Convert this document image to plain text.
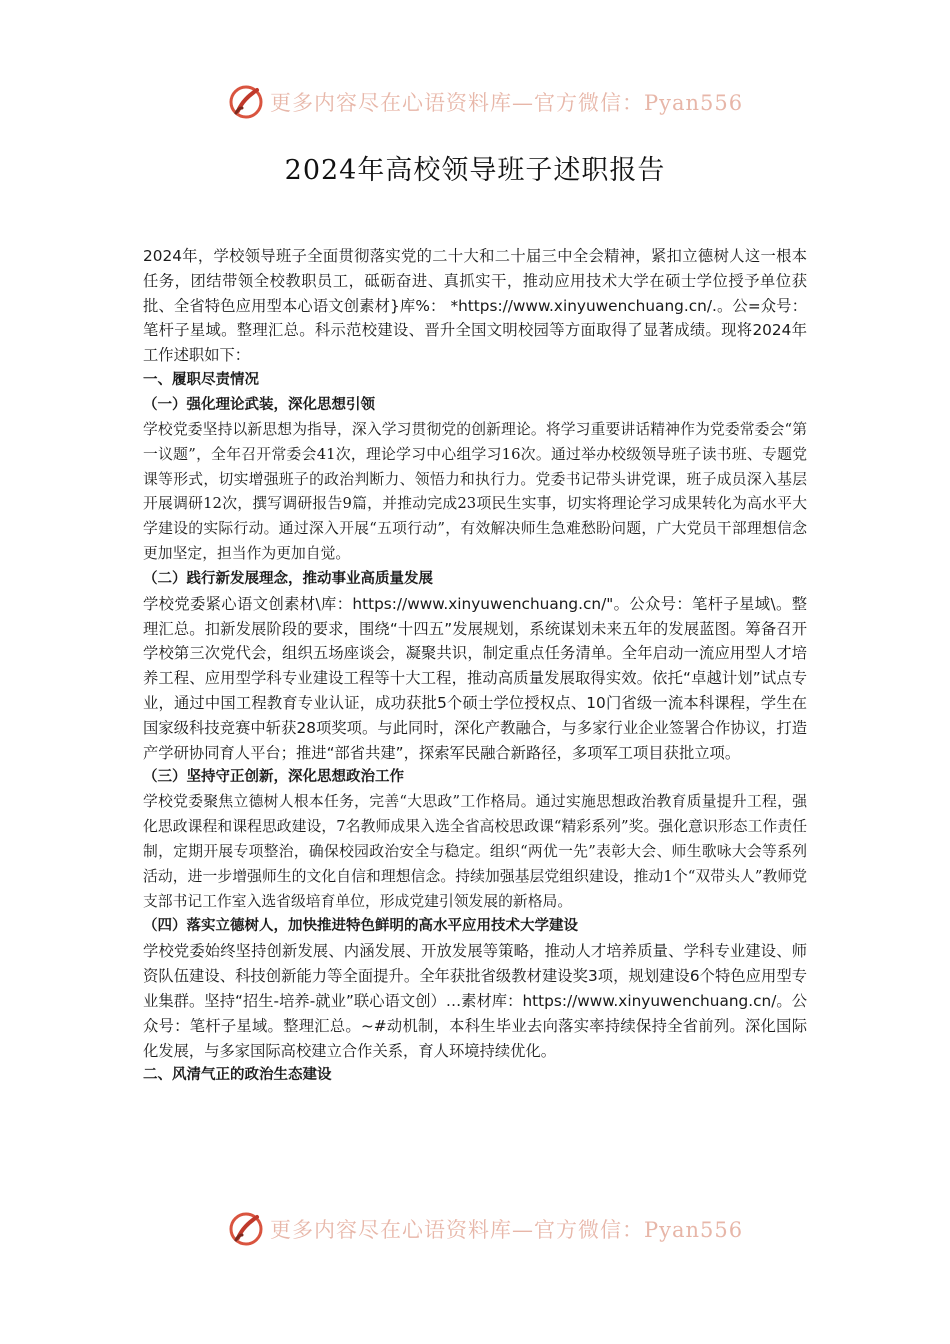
更多内容尽在心语资料库—官方微信：Pyan556
2024年高校领导班子述职报告

2024年，学校领导班子全面贯彻落实党的二十大和二十届三中全会精神，紧扣立德树人这一根本任务，团结带领全校教职员工，砥砺奋进、真抓实干，推动应用技术大学在硕士学位授予单位获批、全省特色应用型本心语文创素材}库%： *https://www.xinyuwenchuang.cn/.。公=众号：笔杆子星域。整理汇总。科示范校建设、晋升全国文明校园等方面取得了显著成绩。现将2024年工作述职如下：

一、履职尽责情况

（一）强化理论武装，深化思想引领

学校党委坚持以新思想为指导，深入学习贯彻党的创新理论。将学习重要讲话精神作为党委常委会“第一议题”，全年召开常委会41次，理论学习中心组学习16次。通过举办校级领导班子读书班、专题党课等形式，切实增强班子的政治判断力、领悟力和执行力。党委书记带头讲党课，班子成员深入基层开展调研12次，撰写调研报告9篇，并推动完成23项民生实事，切实将理论学习成果转化为高水平大学建设的实际行动。通过深入开展“五项行动”，有效解决师生急难愁盼问题，广大党员干部理想信念更加坚定，担当作为更加自觉。

（二）践行新发展理念，推动事业高质量发展

学校党委紧心语文创素材\库：https://www.xinyuwenchuang.cn/"。公众号：笔杆子星域\。整理汇总。扣新发展阶段的要求，围绕“十四五”发展规划，系统谋划未来五年的发展蓝图。筹备召开学校第三次党代会，组织五场座谈会，凝聚共识，制定重点任务清单。全年启动一流应用型人才培养工程、应用型学科专业建设工程等十大工程，推动高质量发展取得实效。依托“卓越计划”试点专业，通过中国工程教育专业认证，成功获批5个硕士学位授权点、10门省级一流本科课程，学生在国家级科技竞赛中斩获28项奖项。与此同时，深化产教融合，与多家行业企业签署合作协议，打造产学研协同育人平台；推进“部省共建”，探索军民融合新路径，多项军工项目获批立项。

（三）坚持守正创新，深化思想政治工作

学校党委聚焦立德树人根本任务，完善“大思政”工作格局。通过实施思想政治教育质量提升工程，强化思政课程和课程思政建设，7名教师成果入选全省高校思政课“精彩系列”奖。强化意识形态工作责任制，定期开展专项整治，确保校园政治安全与稳定。组织“两优一先”表彰大会、师生歌咏大会等系列活动，进一步增强师生的文化自信和理想信念。持续加强基层党组织建设，推动1个“双带头人”教师党支部书记工作室入选省级培育单位，形成党建引领发展的新格局。

（四）落实立德树人，加快推进特色鲜明的高水平应用技术大学建设

学校党委始终坚持创新发展、内涵发展、开放发展等策略，推动人才培养质量、学科专业建设、师资队伍建设、科技创新能力等全面提升。全年获批省级教材建设奖3项，规划建设6个特色应用型专业集群。坚持“招生-培养-就业”联心语文创）…素材库：https://www.xinyuwenchuang.cn/。公众号：笔杆子星域。整理汇总。~#动机制，本科生毕业去向落实率持续保持全省前列。深化国际化发展，与多家国际高校建立合作关系，育人环境持续优化。

二、风清气正的政治生态建设

更多内容尽在心语资料库—官方微信：Pyan556
